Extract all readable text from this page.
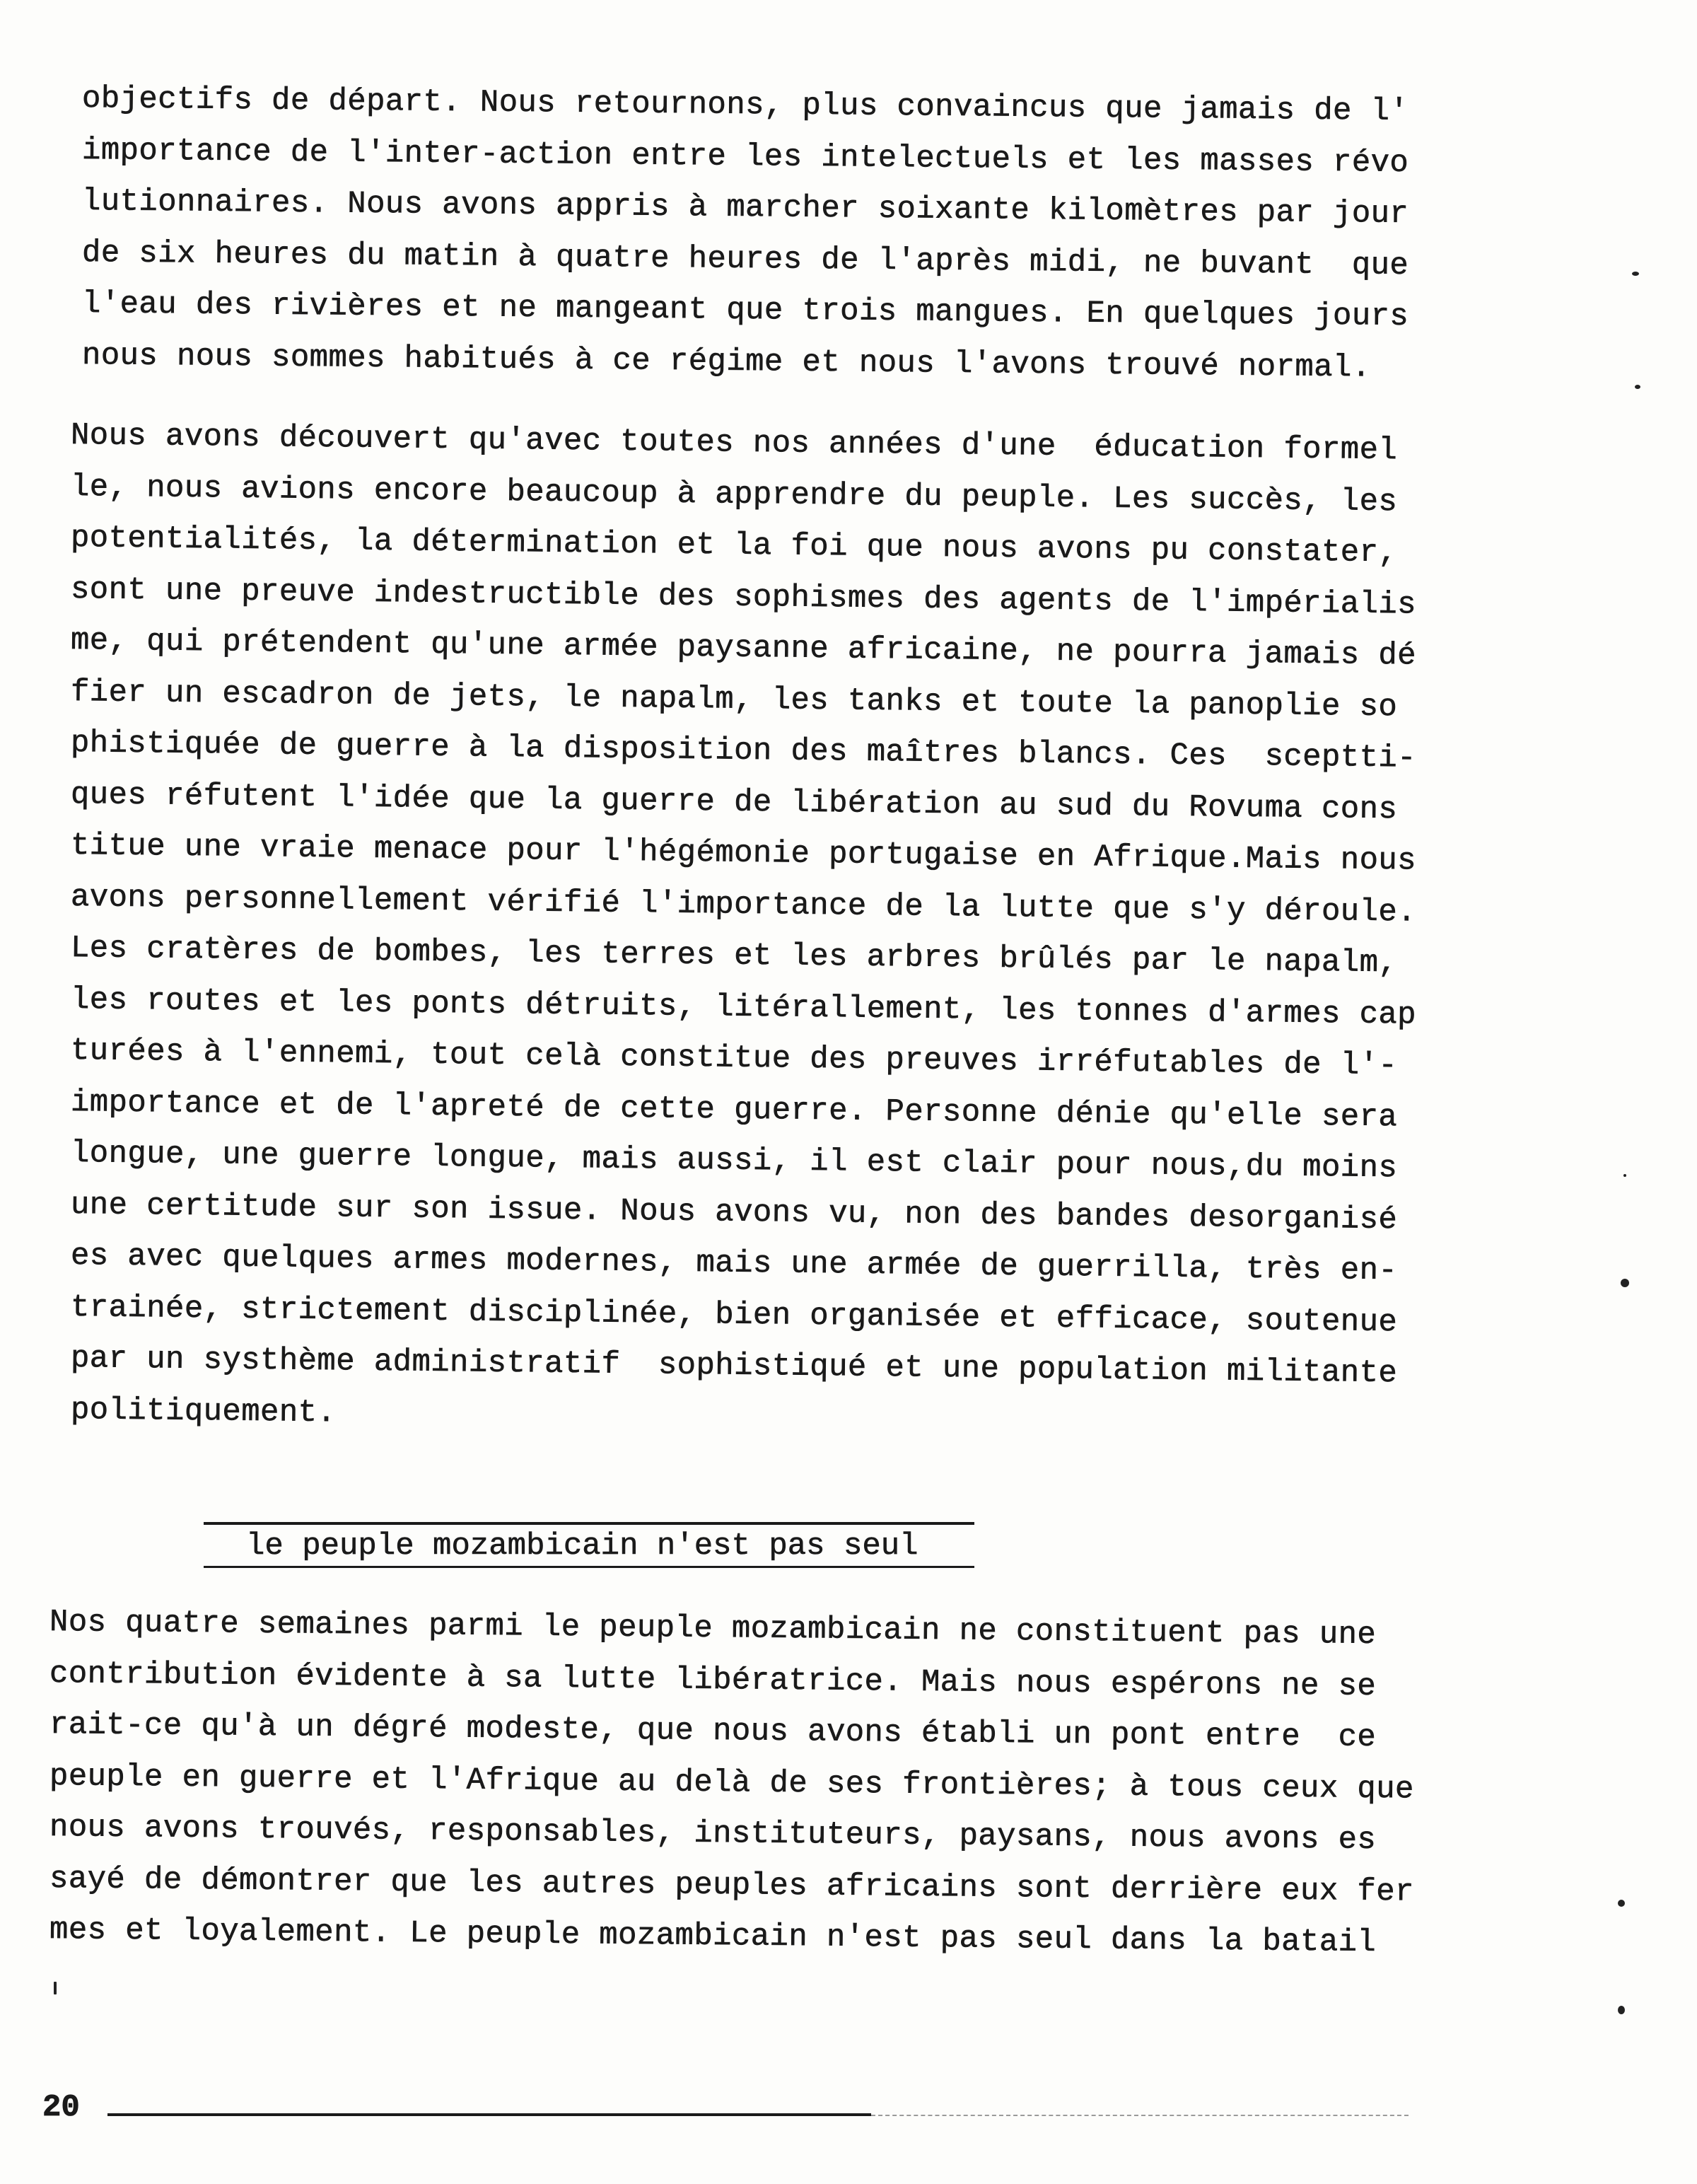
objectifs de départ. Nous retournons, plus convaincus que jamais de l'
importance de l'inter-action entre les intelectuels et les masses révo
lutionnaires. Nous avons appris à marcher soixante kilomètres par jour
de six heures du matin à quatre heures de l'après midi, ne buvant  que
l'eau des rivières et ne mangeant que trois mangues. En quelques jours
nous nous sommes habitués à ce régime et nous l'avons trouvé normal.
Nous avons découvert qu'avec toutes nos années d'une  éducation formel
le, nous avions encore beaucoup à apprendre du peuple. Les succès, les
potentialités, la détermination et la foi que nous avons pu constater,
sont une preuve indestructible des sophismes des agents de l'impérialis
me, qui prétendent qu'une armée paysanne africaine, ne pourra jamais dé
fier un escadron de jets, le napalm, les tanks et toute la panoplie so
phistiquée de guerre à la disposition des maîtres blancs. Ces  sceptti-
ques réfutent l'idée que la guerre de libération au sud du Rovuma cons
titue une vraie menace pour l'hégémonie portugaise en Afrique.Mais nous
avons personnellement vérifié l'importance de la lutte que s'y déroule.
Les cratères de bombes, les terres et les arbres brûlés par le napalm,
les routes et les ponts détruits, litérallement, les tonnes d'armes cap
turées à l'ennemi, tout celà constitue des preuves irréfutables de l'-
importance et de l'apreté de cette guerre. Personne dénie qu'elle sera
longue, une guerre longue, mais aussi, il est clair pour nous,du moins
une certitude sur son issue. Nous avons vu, non des bandes desorganisé
es avec quelques armes modernes, mais une armée de guerrilla, très en-
trainée, strictement disciplinée, bien organisée et efficace, soutenue
par un systhème administratif  sophistiqué et une population militante
politiquement.
le peuple mozambicain n'est pas seul
Nos quatre semaines parmi le peuple mozambicain ne constituent pas une
contribution évidente à sa lutte libératrice. Mais nous espérons ne se
rait-ce qu'à un dégré modeste, que nous avons établi un pont entre  ce
peuple en guerre et l'Afrique au delà de ses frontières; à tous ceux que
nous avons trouvés, responsables, instituteurs, paysans, nous avons es
sayé de démontrer que les autres peuples africains sont derrière eux fer
mes et loyalement. Le peuple mozambicain n'est pas seul dans la batail
20
